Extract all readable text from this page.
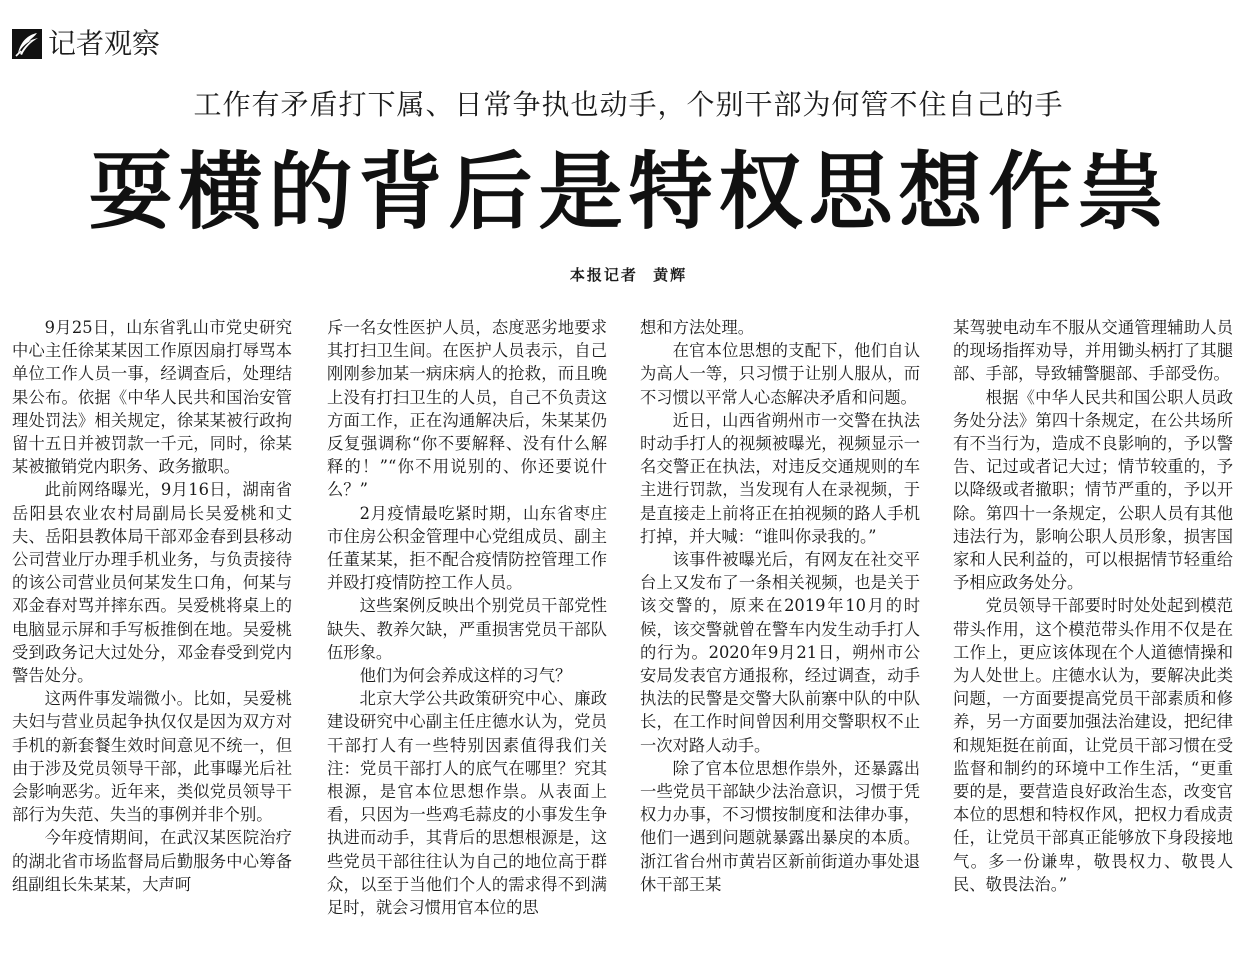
记者观察
工作有矛盾打下属、日常争执也动手，个别干部为何管不住自己的手
耍横的背后是特权思想作祟
本报记者 黄辉

9月25日，山东省乳山市党史研究中心主任徐某某因工作原因扇打辱骂本单位工作人员一事，经调查后，处理结果公布。依据《中华人民共和国治安管理处罚法》相关规定，徐某某被行政拘留十五日并被罚款一千元，同时，徐某某被撤销党内职务、政务撤职。

此前网络曝光，9月16日，湖南省岳阳县农业农村局副局长吴爱桃和丈夫、岳阳县教体局干部邓金春到县移动公司营业厅办理手机业务，与负责接待的该公司营业员何某发生口角，何某与邓金春对骂并摔东西。吴爱桃将桌上的电脑显示屏和手写板推倒在地。吴爱桃受到政务记大过处分，邓金春受到党内警告处分。

这两件事发端微小。比如，吴爱桃夫妇与营业员起争执仅仅是因为双方对手机的新套餐生效时间意见不统一，但由于涉及党员领导干部，此事曝光后社会影响恶劣。近年来，类似党员领导干部行为失范、失当的事例并非个别。

今年疫情期间，在武汉某医院治疗的湖北省市场监督局后勤服务中心筹备组副组长朱某某，大声呵

斥一名女性医护人员，态度恶劣地要求其打扫卫生间。在医护人员表示，自己刚刚参加某一病床病人的抢救，而且晚上没有打扫卫生的人员，自己不负责这方面工作，正在沟通解决后，朱某某仍反复强调称“你不要解释、没有什么解释的！”“你不用说别的、你还要说什么？”

2月疫情最吃紧时期，山东省枣庄市住房公积金管理中心党组成员、副主任董某某，拒不配合疫情防控管理工作并殴打疫情防控工作人员。

这些案例反映出个别党员干部党性缺失、教养欠缺，严重损害党员干部队伍形象。

他们为何会养成这样的习气？

北京大学公共政策研究中心、廉政建设研究中心副主任庄德水认为，党员干部打人有一些特别因素值得我们关注：党员干部打人的底气在哪里？究其根源，是官本位思想作祟。从表面上看，只因为一些鸡毛蒜皮的小事发生争执进而动手，其背后的思想根源是，这些党员干部往往认为自己的地位高于群众，以至于当他们个人的需求得不到满足时，就会习惯用官本位的思

想和方法处理。

在官本位思想的支配下，他们自认为高人一等，只习惯于让别人服从，而不习惯以平常人心态解决矛盾和问题。

近日，山西省朔州市一交警在执法时动手打人的视频被曝光，视频显示一名交警正在执法，对违反交通规则的车主进行罚款，当发现有人在录视频，于是直接走上前将正在拍视频的路人手机打掉，并大喊：“谁叫你录我的。”

该事件被曝光后，有网友在社交平台上又发布了一条相关视频，也是关于该交警的，原来在2019年10月的时候，该交警就曾在警车内发生动手打人的行为。2020年9月21日，朔州市公安局发表官方通报称，经过调查，动手执法的民警是交警大队前寨中队的中队长，在工作时间曾因利用交警职权不止一次对路人动手。

除了官本位思想作祟外，还暴露出一些党员干部缺少法治意识，习惯于凭权力办事，不习惯按制度和法律办事，他们一遇到问题就暴露出暴戾的本质。浙江省台州市黄岩区新前街道办事处退休干部王某

某驾驶电动车不服从交通管理辅助人员的现场指挥劝导，并用锄头柄打了其腿部、手部，导致辅警腿部、手部受伤。

根据《中华人民共和国公职人员政务处分法》第四十条规定，在公共场所有不当行为，造成不良影响的，予以警告、记过或者记大过；情节较重的，予以降级或者撤职；情节严重的，予以开除。第四十一条规定，公职人员有其他违法行为，影响公职人员形象，损害国家和人民利益的，可以根据情节轻重给予相应政务处分。

党员领导干部要时时处处起到模范带头作用，这个模范带头作用不仅是在工作上，更应该体现在个人道德情操和为人处世上。庄德水认为，要解决此类问题，一方面要提高党员干部素质和修养，另一方面要加强法治建设，把纪律和规矩挺在前面，让党员干部习惯在受监督和制约的环境中工作生活，“更重要的是，要营造良好政治生态，改变官本位的思想和特权作风，把权力看成责任，让党员干部真正能够放下身段接地气。多一份谦卑，敬畏权力、敬畏人民、敬畏法治。”
